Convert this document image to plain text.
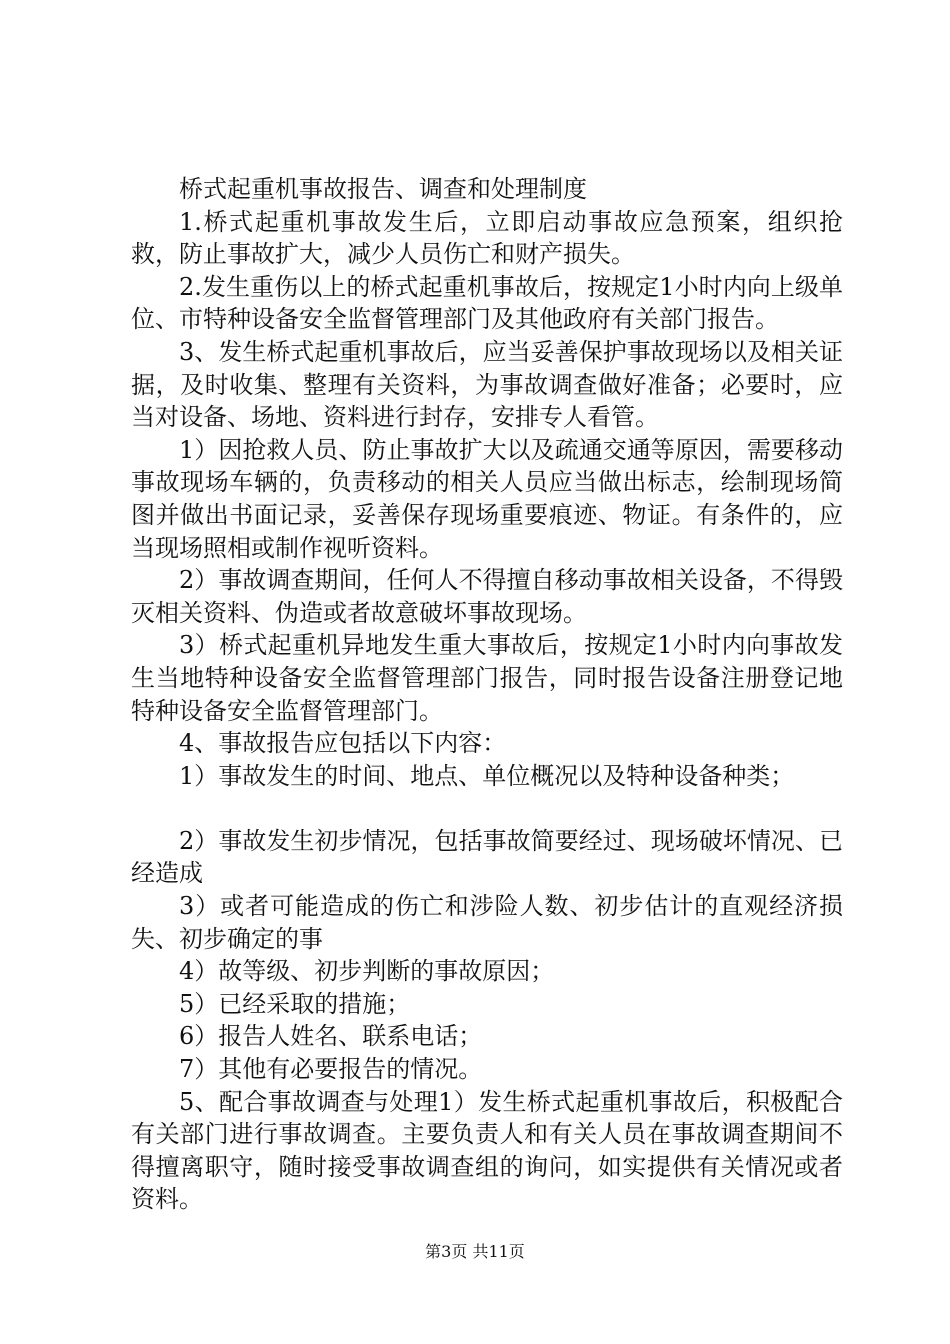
桥式起重机事故报告、调查和处理制度

1.桥式起重机事故发生后，立即启动事故应急预案，组织抢救，防止事故扩大，减少人员伤亡和财产损失。

2.发生重伤以上的桥式起重机事故后，按规定1小时内向上级单位、市特种设备安全监督管理部门及其他政府有关部门报告。

3、发生桥式起重机事故后，应当妥善保护事故现场以及相关证据，及时收集、整理有关资料，为事故调查做好准备；必要时，应当对设备、场地、资料进行封存，安排专人看管。

1）因抢救人员、防止事故扩大以及疏通交通等原因，需要移动事故现场车辆的，负责移动的相关人员应当做出标志，绘制现场简图并做出书面记录，妥善保存现场重要痕迹、物证。有条件的，应当现场照相或制作视听资料。

2）事故调查期间，任何人不得擅自移动事故相关设备，不得毁灭相关资料、伪造或者故意破坏事故现场。

3）桥式起重机异地发生重大事故后，按规定1小时内向事故发生当地特种设备安全监督管理部门报告，同时报告设备注册登记地特种设备安全监督管理部门。

4、事故报告应包括以下内容：

1）事故发生的时间、地点、单位概况以及特种设备种类；

2）事故发生初步情况，包括事故简要经过、现场破坏情况、已经造成

3）或者可能造成的伤亡和涉险人数、初步估计的直观经济损失、初步确定的事

4）故等级、初步判断的事故原因；

5）已经采取的措施；

6）报告人姓名、联系电话；

7）其他有必要报告的情况。

5、配合事故调查与处理1）发生桥式起重机事故后，积极配合有关部门进行事故调查。主要负责人和有关人员在事故调查期间不得擅离职守，随时接受事故调查组的询问，如实提供有关情况或者资料。

第3页 共11页
